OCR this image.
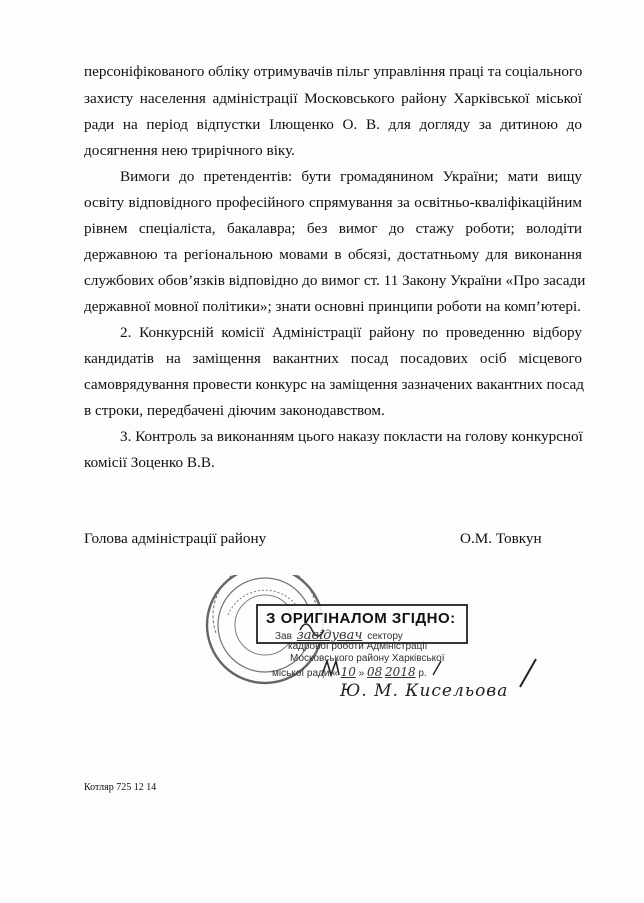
персоніфікованого обліку отримувачів пільг управління праці та соціального
захисту населення адміністрації Московського району Харківської міської
ради на період відпустки Ілющенко О. В. для догляду за дитиною до
досягнення нею трирічного віку.
Вимоги до претендентів: бути громадянином України; мати вищу
освіту відповідного професійного спрямування за освітньо-кваліфікаційним
рівнем спеціаліста, бакалавра; без вимог до стажу роботи; володіти
державною та регіональною мовами в обсязі, достатньому для виконання
службових обов’язків відповідно до вимог ст. 11 Закону України «Про засади
державної мовної політики»; знати основні принципи роботи на комп’ютері.
2. Конкурсній комісії Адміністрації району по проведенню відбору
кандидатів на заміщення вакантних посад посадових осіб місцевого
самоврядування провести конкурс на заміщення зазначених вакантних посад
в строки, передбачені діючим законодавством.
3. Контроль за виконанням цього наказу покласти на голову конкурсної
комісії Зоценко В.В.
Голова адміністрації району	О.М. Товкун
З ОРИГІНАЛОМ ЗГІДНО:
Зав завідувач сектору
кадрової роботи Адміністрації
Московського району Харківської
міської ради « 10 » 08 2018 р.
Ю. М. Кисельова
Котляр 725 12 14
